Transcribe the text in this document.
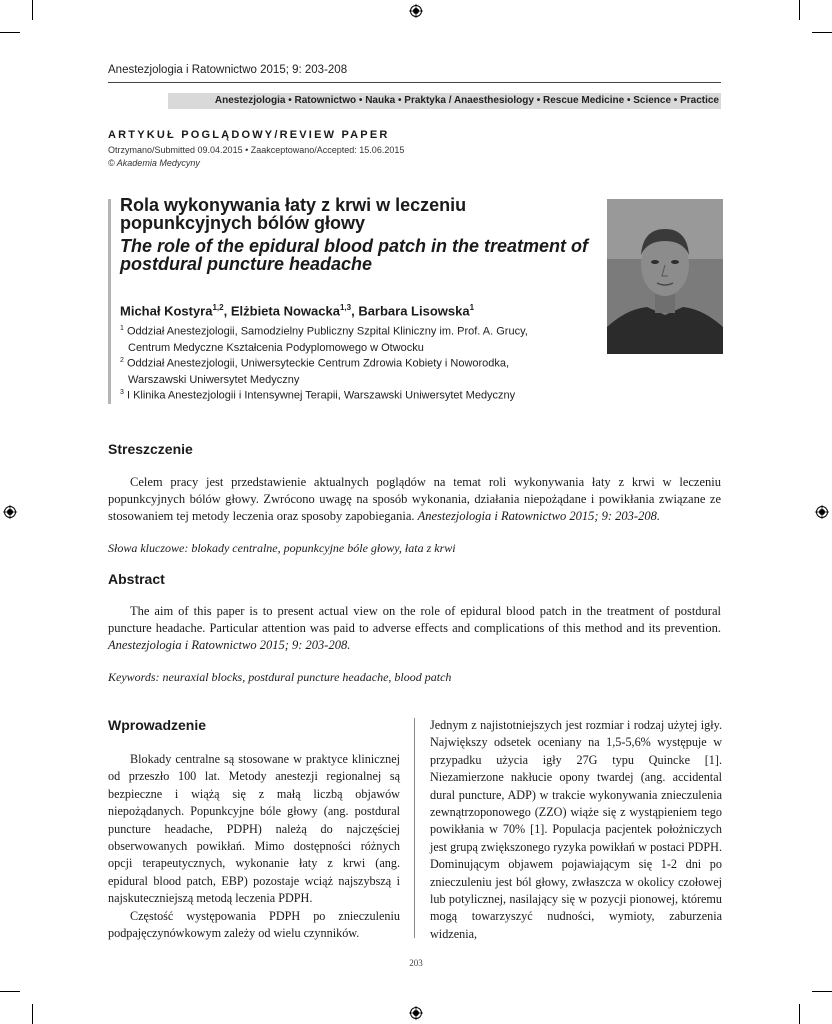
Anestezjologia i Ratownictwo 2015; 9: 203-208
Anestezjologia • Ratownictwo • Nauka • Praktyka / Anaesthesiology • Rescue Medicine • Science • Practice
ARTYKUŁ POGLĄDOWY/REVIEW PAPER
Otrzymano/Submitted 09.04.2015 • Zaakceptowano/Accepted: 15.06.2015
© Akademia Medycyny
Rola wykonywania łaty z krwi w leczeniu popunkcyjnych bólów głowy
The role of the epidural blood patch in the treatment of postdural puncture headache
Michał Kostyra$^{1,2}$, Elżbieta Nowacka$^{1,3}$, Barbara Lisowska$^1$
$^1$ Oddział Anestezjologii, Samodzielny Publiczny Szpital Kliniczny im. Prof. A. Grucy,
Centrum Medyczne Kształcenia Podyplomowego w Otwocku
$^2$ Oddział Anestezjologii, Uniwersyteckie Centrum Zdrowia Kobiety i Noworodka,
Warszawski Uniwersytet Medyczny
$^3$ I Klinika Anestezjologii i Intensywnej Terapii, Warszawski Uniwersytet Medyczny
Streszczenie
Celem pracy jest przedstawienie aktualnych poglądów na temat roli wykonywania łaty z krwi w leczeniu popunkcyjnych bólów głowy. Zwrócono uwagę na sposób wykonania, działania niepożądane i powikłania związane ze stosowaniem tej metody leczenia oraz sposoby zapobiegania. Anestezjologia i Ratownictwo 2015; 9: 203-208.
Słowa kluczowe: blokady centralne, popunkcyjne bóle głowy, łata z krwi
Abstract
The aim of this paper is to present actual view on the role of epidural blood patch in the treatment of postdural puncture headache. Particular attention was paid to adverse effects and complications of this method and its prevention. Anestezjologia i Ratownictwo 2015; 9: 203-208.
Keywords: neuraxial blocks, postdural puncture headache, blood patch
Wprowadzenie
Blokady centralne są stosowane w praktyce klinicznej od przeszło 100 lat. Metody anestezji regionalnej są bezpieczne i wiążą się z małą liczbą objawów niepożądanych. Popunkcyjne bóle głowy (ang. postdural puncture headache, PDPH) należą do najczęściej obserwowanych powikłań. Mimo dostępności różnych opcji terapeutycznych, wykonanie łaty z krwi (ang. epidural blood patch, EBP) pozostaje wciąż najszybszą i najskuteczniejszą metodą leczenia PDPH.
Częstość występowania PDPH po znieczuleniu podpajęczynówkowym zależy od wielu czynników.
Jednym z najistotniejszych jest rozmiar i rodzaj użytej igły. Największy odsetek oceniany na 1,5-5,6% występuje w przypadku użycia igły 27G typu Quincke [1]. Niezamierzone nakłucie opony twardej (ang. accidental dural puncture, ADP) w trakcie wykonywania znieczulenia zewnątrzoponowego (ZZO) wiąże się z wystąpieniem tego powikłania w 70% [1]. Populacja pacjentek położniczych jest grupą zwiększonego ryzyka powikłań w postaci PDPH. Dominującym objawem pojawiającym się 1-2 dni po znieczuleniu jest ból głowy, zwłaszcza w okolicy czołowej lub potylicznej, nasilający się w pozycji pionowej, któremu mogą towarzyszyć nudności, wymioty, zaburzenia widzenia,
203
